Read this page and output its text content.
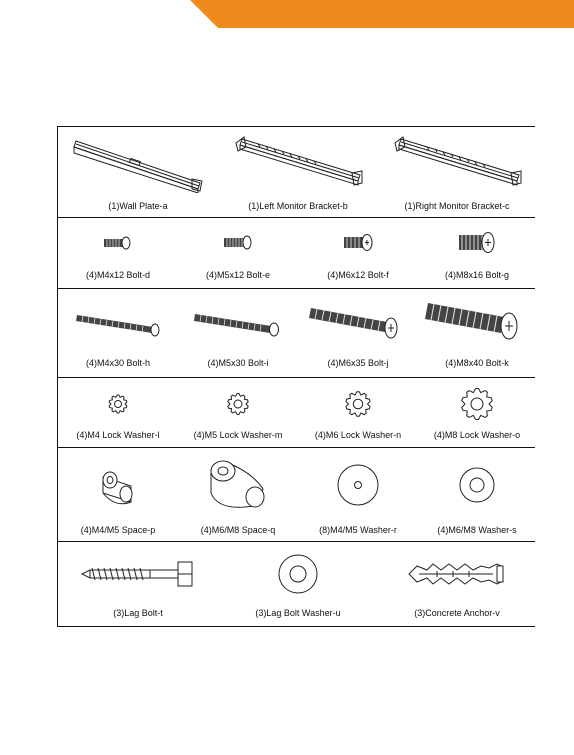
(1)Wall Plate-a	(1)Left Monitor Bracket-b	(1)Right Monitor Bracket-c
(4)M4x12 Bolt-d	(4)M5x12 Bolt-e	(4)M6x12 Bolt-f	(4)M8x16 Bolt-g
(4)M4x30 Bolt-h	(4)M5x30 Bolt-i	(4)M6x35 Bolt-j	(4)M8x40 Bolt-k
(4)M4 Lock Washer-l	(4)M5 Lock Washer-m	(4)M6 Lock Washer-n	(4)M8 Lock Washer-o
(4)M4/M5 Space-p	(4)M6/M8 Space-q	(8)M4/M5 Washer-r	(4)M6/M8 Washer-s
(3)Lag Bolt-t	(3)Lag Bolt Washer-u	(3)Concrete Anchor-v
